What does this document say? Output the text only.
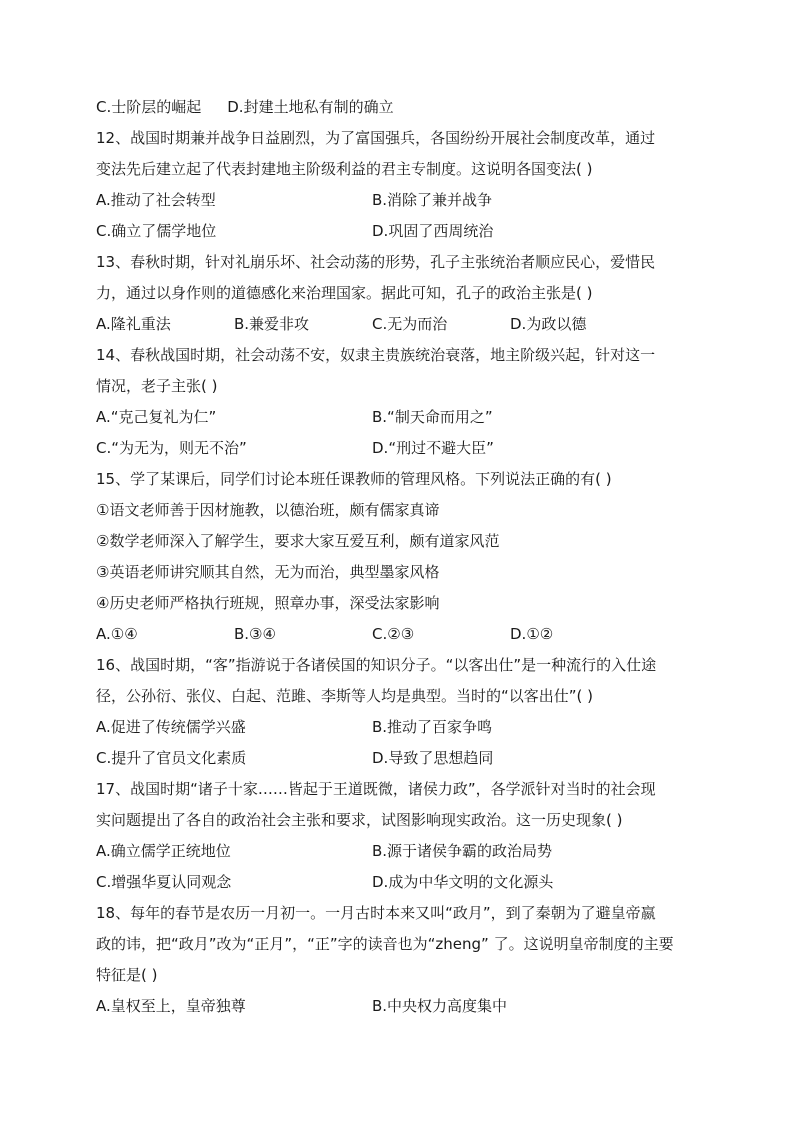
C.士阶层的崛起 D.封建土地私有制的确立
12、战国时期兼并战争日益剧烈，为了富国强兵，各国纷纷开展社会制度改革，通过
变法先后建立起了代表封建地主阶级利益的君主专制度。这说明各国变法( )
A.推动了社会转型	B.消除了兼并战争
C.确立了儒学地位	D.巩固了西周统治
13、春秋时期，针对礼崩乐坏、社会动荡的形势，孔子主张统治者顺应民心，爱惜民
力，通过以身作则的道德感化来治理国家。据此可知，孔子的政治主张是( )
A.隆礼重法	B.兼爱非攻	C.无为而治	D.为政以德
14、春秋战国时期，社会动荡不安，奴隶主贵族统治衰落，地主阶级兴起，针对这一
情况，老子主张( )
A.“克己复礼为仁”	B.“制天命而用之”
C.“为无为，则无不治”	D.“刑过不避大臣”
15、学了某课后，同学们讨论本班任课教师的管理风格。下列说法正确的有( )
①语文老师善于因材施教，以德治班，颇有儒家真谛
②数学老师深入了解学生，要求大家互爱互利，颇有道家风范
③英语老师讲究顺其自然，无为而治，典型墨家风格
④历史老师严格执行班规，照章办事，深受法家影响
A.①④	B.③④	C.②③	D.①②
16、战国时期，“客”指游说于各诸侯国的知识分子。“以客出仕”是一种流行的入仕途
径，公孙衍、张仪、白起、范雎、李斯等人均是典型。当时的“以客出仕”( )
A.促进了传统儒学兴盛	B.推动了百家争鸣
C.提升了官员文化素质	D.导致了思想趋同
17、战国时期“诸子十家……皆起于王道既微，诸侯力政”，各学派针对当时的社会现
实问题提出了各自的政治社会主张和要求，试图影响现实政治。这一历史现象( )
A.确立儒学正统地位	B.源于诸侯争霸的政治局势
C.增强华夏认同观念	D.成为中华文明的文化源头
18、每年的春节是农历一月初一。一月古时本来又叫“政月”，到了秦朝为了避皇帝嬴
政的讳，把“政月”改为“正月”，“正”字的读音也为“zheng” 了。这说明皇帝制度的主要
特征是( )
A.皇权至上，皇帝独尊	B.中央权力高度集中
